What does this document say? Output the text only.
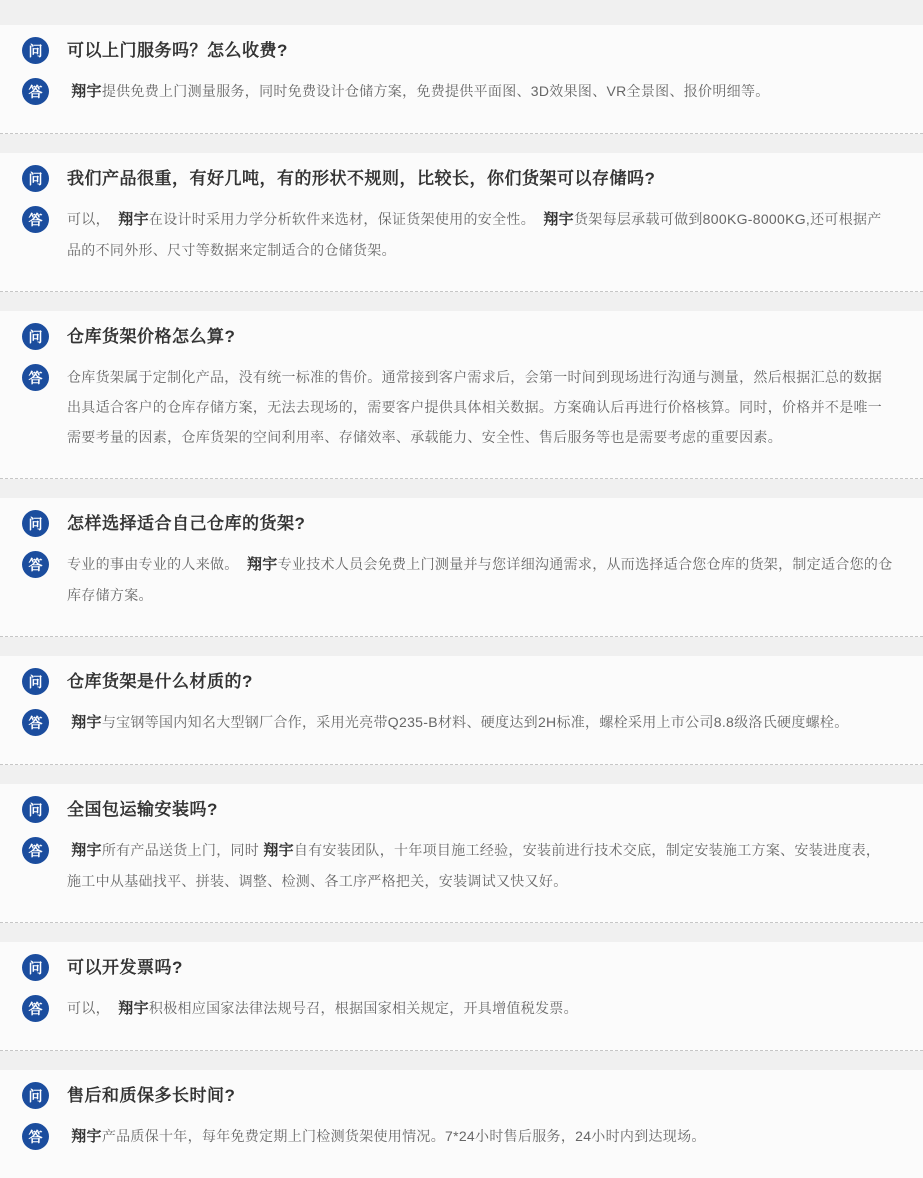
问	可以上门服务吗？怎么收费?
答	翔宇提供免费上门测量服务，同时免费设计仓储方案，免费提供平面图、3D效果图、VR全景图、报价明细等。

问	我们产品很重，有好几吨，有的形状不规则，比较长，你们货架可以存储吗?
答	可以，  翔宇在设计时采用力学分析软件来选材，保证货架使用的安全性。  翔宇货架每层承载可做到800KG-8000KG,还可根据产品的不同外形、尺寸等数据来定制适合的仓储货架。

问	仓库货架价格怎么算?
答	仓库货架属于定制化产品，没有统一标准的售价。通常接到客户需求后，会第一时间到现场进行沟通与测量，然后根据汇总的数据出具适合客户的仓库存储方案，无法去现场的，需要客户提供具体相关数据。方案确认后再进行价格核算。同时，价格并不是唯一需要考量的因素，仓库货架的空间利用率、存储效率、承载能力、安全性、售后服务等也是需要考虑的重要因素。

问	怎样选择适合自己仓库的货架?
答	专业的事由专业的人来做。  翔宇专业技术人员会免费上门测量并与您详细沟通需求，从而选择适合您仓库的货架，制定适合您的仓库存储方案。

问	仓库货架是什么材质的?
答	翔宇与宝钢等国内知名大型钢厂合作，采用光亮带Q235-B材料、硬度达到2H标准，螺栓采用上市公司8.8级洛氏硬度螺栓。

问	全国包运输安装吗?
答	翔宇所有产品送货上门，同时 翔宇自有安装团队，十年项目施工经验，安装前进行技术交底，制定安装施工方案、安装进度表，施工中从基础找平、拼装、调整、检测、各工序严格把关，安装调试又快又好。

问	可以开发票吗?
答	可以，  翔宇积极相应国家法律法规号召，根据国家相关规定，开具增值税发票。

问	售后和质保多长时间?
答	翔宇产品质保十年，每年免费定期上门检测货架使用情况。7*24小时售后服务，24小时内到达现场。
